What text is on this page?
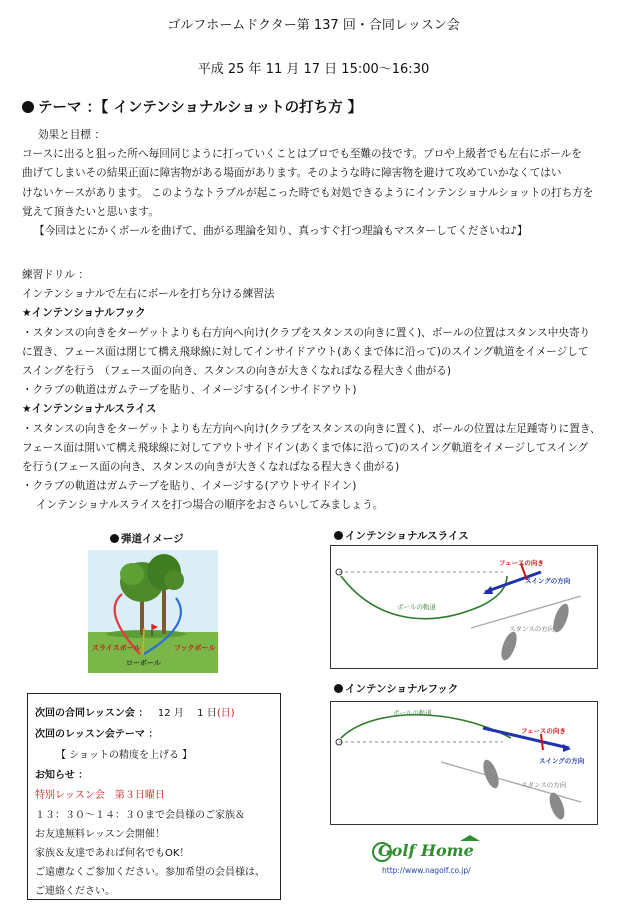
ゴルフホームドクター第 137 回・合同レッスン会
平成 25 年 11 月 17 日 15:00～16:30
テーマ ：【 インテンショナルショットの打ち方 】
効果と目標 ：
コースに出ると狙った所へ毎回同じように打っていくことはプロでも至難の技です。プロや上級者でも左右にボールを
曲げてしまいその結果正面に障害物がある場面があります。そのような時に障害物を避けて攻めていかなくてはい
けないケースがあります。 このようなトラブルが起こった時でも対処できるようにインテンショナルショットの打ち方を
覚えて頂きたいと思います。
【今回はとにかくボールを曲げて、曲がる理論を知り、真っすぐ打つ理論もマスターしてくださいね♪】
練習ドリル ：
インテンショナルで左右にボールを打ち分ける練習法
★インテンショナルフック
・スタンスの向きをターゲットよりも右方向へ向け(クラブをスタンスの向きに置く)、ボールの位置はスタンス中央寄り
に置き、フェース面は閉じて構え飛球線に対してインサイドアウト(あくまで体に沿って)のスイング軌道をイメージして
スイングを行う （フェース面の向き、スタンスの向きが大きくなればなる程大きく曲がる)
・クラブの軌道はガムテープを貼り、イメージする(インサイドアウト)
★インテンショナルスライス
・スタンスの向きをターゲットよりも左方向へ向け(クラブをスタンスの向きに置く)、ボールの位置は左足踵寄りに置き、
フェース面は開いて構え飛球線に対してアウトサイドイン(あくまで体に沿って)のスイング軌道をイメージしてスイング
を行う(フェース面の向き、スタンスの向きが大きくなればなる程大きく曲がる)
・クラブの軌道はガムテープを貼り、イメージする(アウトサイドイン)
インテンショナルスライスを打つ場合の順序をおさらいしてみましょう。
弾道イメージ
スライスボール	フックボール
ローボール
インテンショナルスライス
フェースの向き
スイングの方向
ボールの軌道
スタンスの方向
インテンショナルフック
ボールの軌道
フェースの向き
スイングの方向
スタンスの方向
次回の合同レッスン会 ： 12 月 1 日(日)
次回のレッスン会テーマ ：
【 ショットの精度を上げる 】
お知らせ ：
特別レッスン会　第３日曜日
１３：３０～１４：３０まで会員様のご家族＆
お友達無料レッスン会開催！
家族＆友達であれば何名でもOK！
ご遠慮なくご参加ください。参加希望の会員様は、
ご連絡ください。
Golf Home
http://www.nagolf.co.jp/
